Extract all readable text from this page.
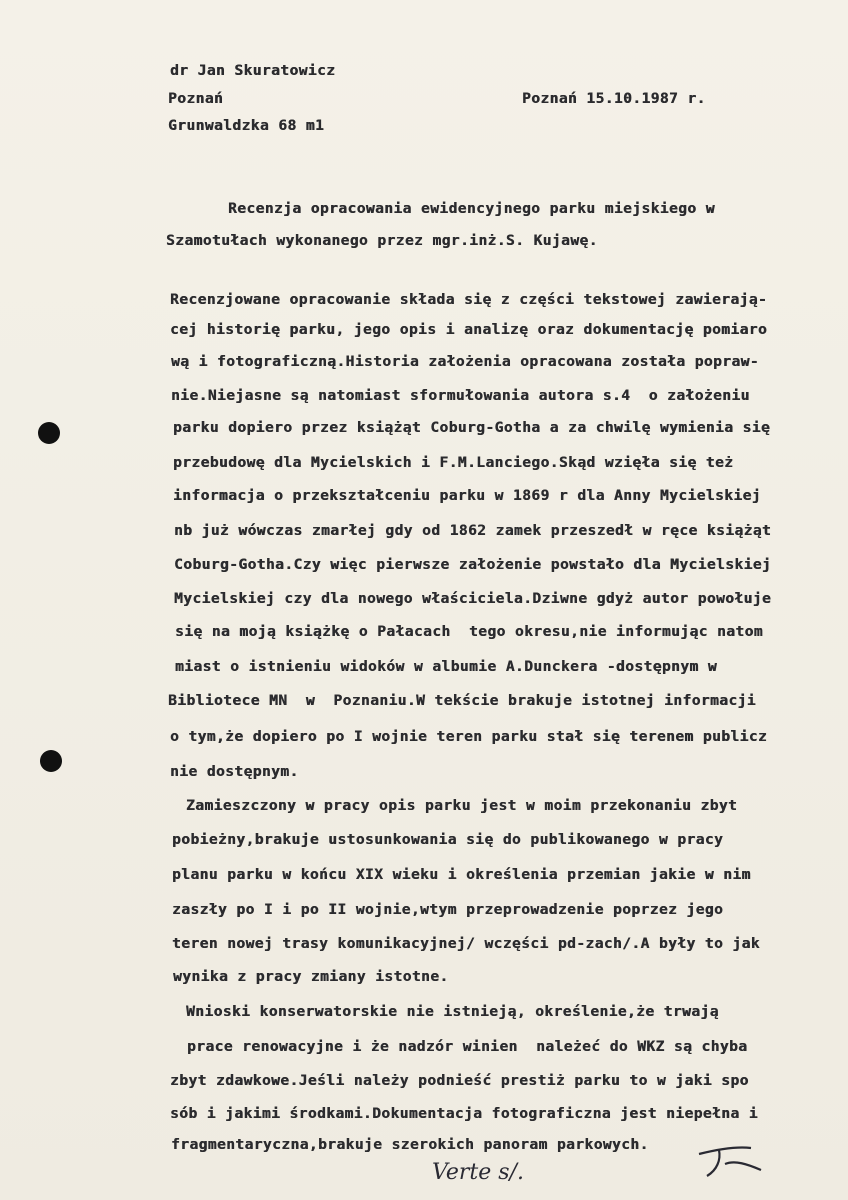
dr Jan Skuratowicz
Poznań
Grunwaldzka 68 m1
Poznań 15.10.1987 r.
Recenzja opracowania ewidencyjnego parku miejskiego w
Szamotułach wykonanego przez mgr.inż.S. Kujawę.
Recenzjowane opracowanie składa się z części tekstowej zawierają-
cej historię parku, jego opis i analizę oraz dokumentację pomiaro
wą i fotograficzną.Historia założenia opracowana została popraw-
nie.Niejasne są natomiast sformułowania autora s.4  o założeniu
parku dopiero przez książąt Coburg-Gotha a za chwilę wymienia się
przebudowę dla Mycielskich i F.M.Lanciego.Skąd wzięła się też
informacja o przekształceniu parku w 1869 r dla Anny Mycielskiej
nb już wówczas zmarłej gdy od 1862 zamek przeszedł w ręce książąt
Coburg-Gotha.Czy więc pierwsze założenie powstało dla Mycielskiej
Mycielskiej czy dla nowego właściciela.Dziwne gdyż autor powołuje
się na moją książkę o Pałacach  tego okresu,nie informując natom
miast o istnieniu widoków w albumie A.Dunckera -dostępnym w
Bibliotece MN  w  Poznaniu.W tekście brakuje istotnej informacji
o tym,że dopiero po I wojnie teren parku stał się terenem publicz
nie dostępnym.
Zamieszczony w pracy opis parku jest w moim przekonaniu zbyt
pobieżny,brakuje ustosunkowania się do publikowanego w pracy
planu parku w końcu XIX wieku i określenia przemian jakie w nim
zaszły po I i po II wojnie,wtym przeprowadzenie poprzez jego
teren nowej trasy komunikacyjnej/ wczęści pd-zach/.A były to jak
wynika z pracy zmiany istotne.
Wnioski konserwatorskie nie istnieją, określenie,że trwają
prace renowacyjne i że nadzór winien  należeć do WKZ są chyba
zbyt zdawkowe.Jeśli należy podnieść prestiż parku to w jaki spo
sób i jakimi środkami.Dokumentacja fotograficzna jest niepełna i
fragmentaryczna,brakuje szerokich panoram parkowych.
Verte s/.
